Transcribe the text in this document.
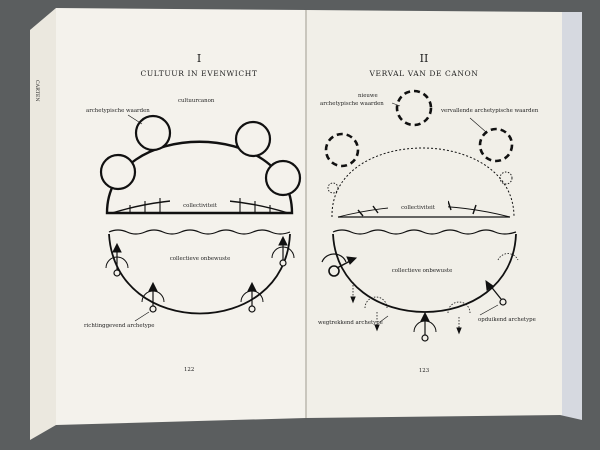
CARTEN
I
CULTUUR IN EVENWICHT
archetypische waarden
cultuurcanon
collectiviteit
collectieve onbewuste
richtinggevend archetype
122
II
VERVAL VAN DE CANON
nieuwe
archetypische waarden
vervallende archetypische waarden
collectiviteit
collectieve onbewuste
wegtrekkend archetype	opduikend archetype
123
